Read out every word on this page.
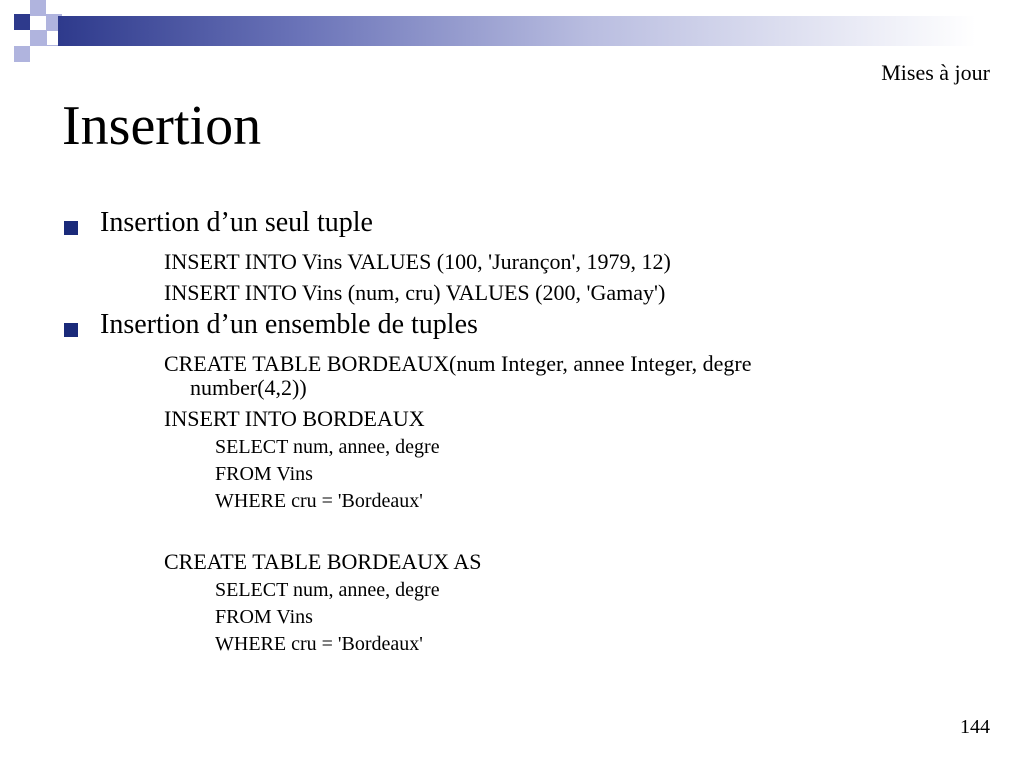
Mises à jour
Insertion
Insertion d’un seul tuple
INSERT INTO Vins VALUES (100, 'Jurançon', 1979, 12)
INSERT INTO Vins (num, cru) VALUES (200, 'Gamay')
Insertion d’un ensemble de tuples
CREATE TABLE BORDEAUX(num Integer, annee Integer, degre
number(4,2))
INSERT INTO BORDEAUX
SELECT num, annee, degre
FROM Vins
WHERE cru = 'Bordeaux'
CREATE TABLE BORDEAUX AS
SELECT num, annee, degre
FROM Vins
WHERE cru = 'Bordeaux'
144
